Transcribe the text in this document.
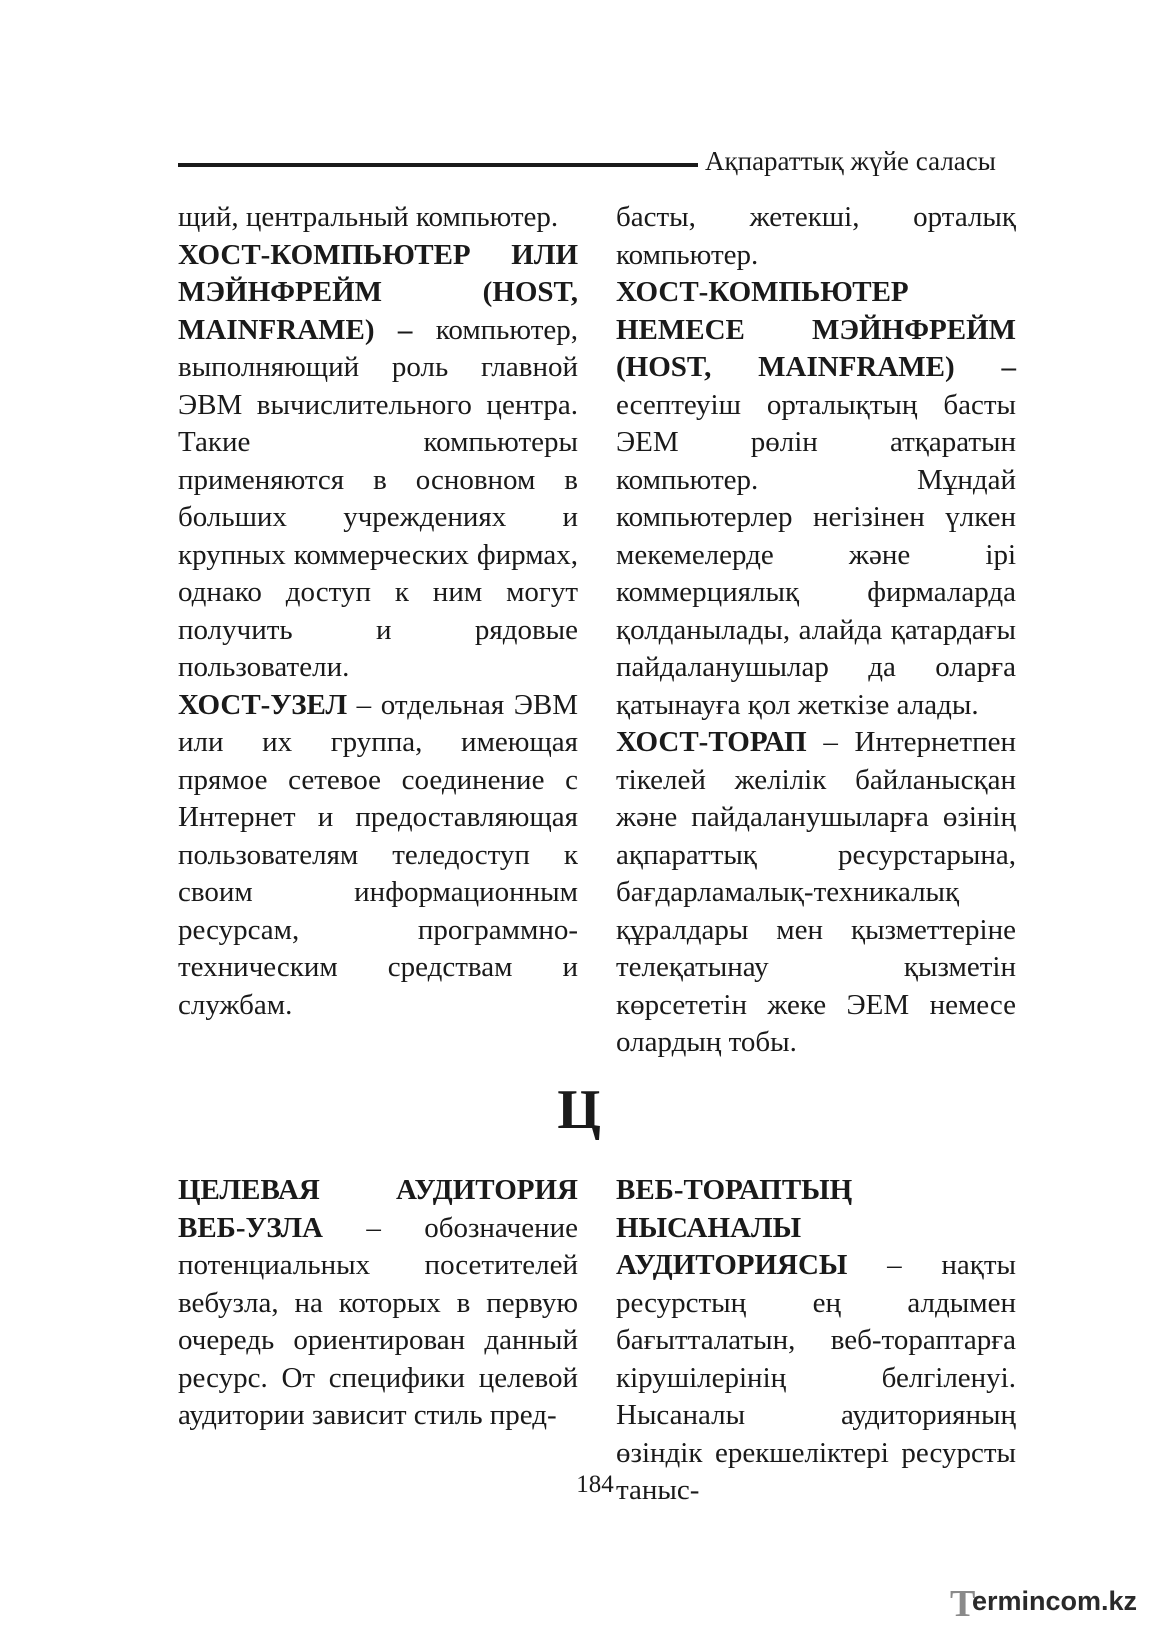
Ақпараттық жүйе саласы

щий, центральный компьютер.

ХОСТ-КОМПЬЮТЕР ИЛИ МЭЙНФРЕЙМ (HOST, MAINFRAME) – компьютер, выполняющий роль главной ЭВМ вычислительного центра. Такие компьютеры применяются в основном в больших учреждениях и крупных коммерческих фирмах, однако доступ к ним могут получить и рядовые пользователи.

ХОСТ-УЗЕЛ – отдельная ЭВМ или их группа, имеющая прямое сетевое соединение с Интернет и предоставляющая пользователям теледоступ к своим информационным ресурсам, программно-техническим средствам и службам.

басты, жетекші, орталық компьютер.

ХОСТ-КОМПЬЮТЕР НЕМЕСЕ МЭЙНФРЕЙМ (HOST, MAINFRAME) – есептеуіш орталықтың басты ЭЕМ рөлін атқаратын компьютер. Мұндай компьютерлер негізінен үлкен мекемелерде және ірі коммерциялық фирмаларда қолданылады, алайда қатардағы пайдаланушылар да оларға қатынауға қол жеткізе алады.

ХОСТ-ТОРАП – Интернетпен тікелей желілік байланысқан және пайдаланушыларға өзінің ақпараттық ресурстарына, бағдарламалық-техникалық құралдары мен қызметтеріне телеқатынау қызметін көрсететін жеке ЭЕМ немесе олардың тобы.

Ц

ЦЕЛЕВАЯ АУДИТОРИЯ ВЕБ-УЗЛА – обозначение потенциальных посетителей вебузла, на которых в первую очередь ориентирован данный ресурс. От специфики целевой аудитории зависит стиль пред-

ВЕБ-ТОРАПТЫҢ НЫСАНАЛЫ АУДИТОРИЯСЫ – нақты ресурстың ең алдымен бағытталатын, веб-тораптарға кірушілерінің белгіленуі. Нысаналы аудиторияның өзіндік ерекшеліктері ресурсты таныс-

184
T
ermincom.kz
